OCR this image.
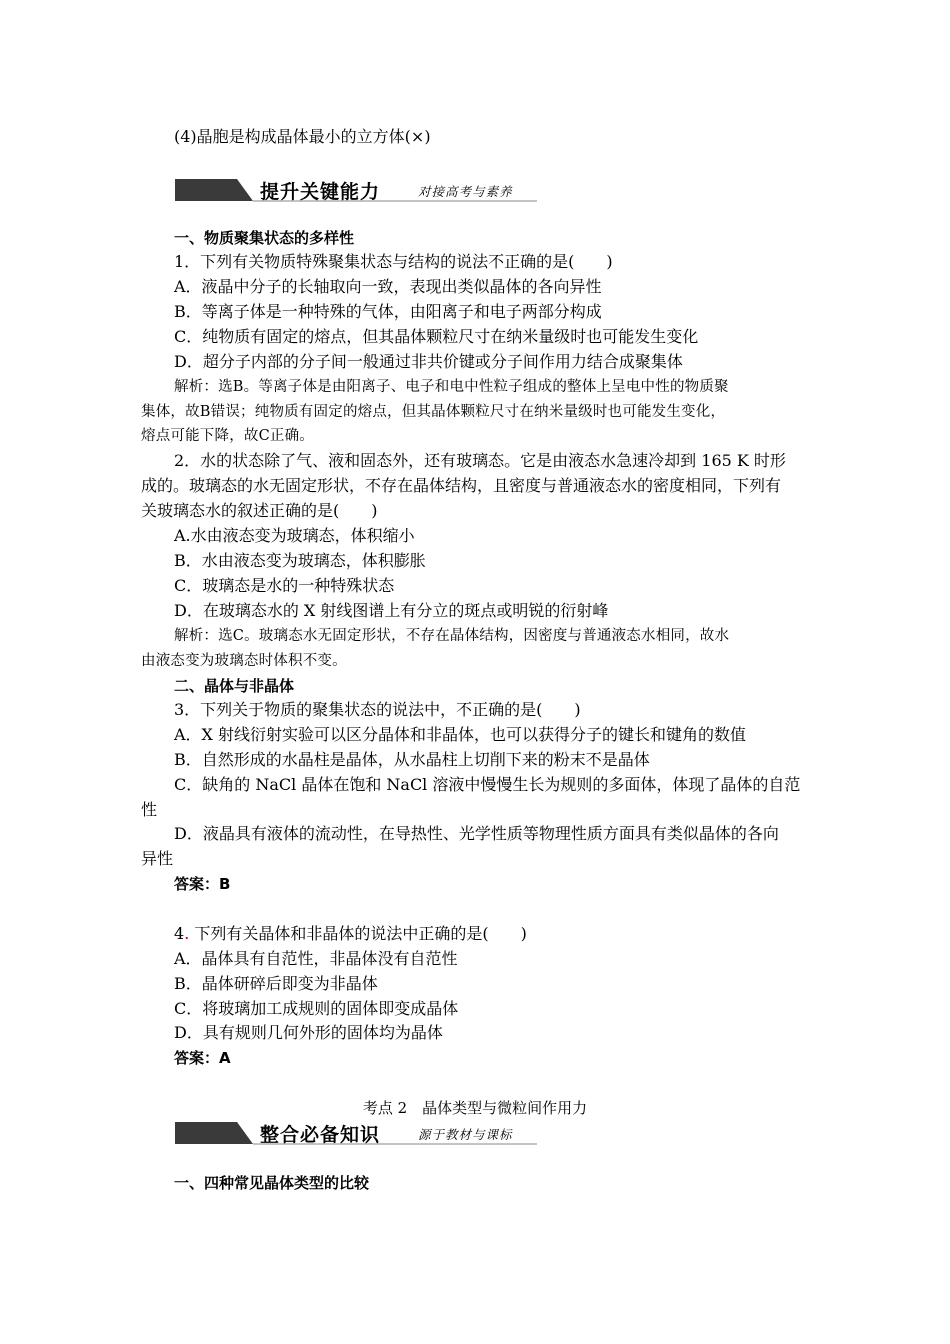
(4)晶胞是构成晶体最小的立方体(×)
提升关键能力	对接高考与素养
一、物质聚集状态的多样性
1．下列有关物质特殊聚集状态与结构的说法不正确的是(　　)
A．液晶中分子的长轴取向一致，表现出类似晶体的各向异性
B．等离子体是一种特殊的气体，由阳离子和电子两部分构成
C．纯物质有固定的熔点，但其晶体颗粒尺寸在纳米量级时也可能发生变化
D．超分子内部的分子间一般通过非共价键或分子间作用力结合成聚集体
解析：选B。等离子体是由阳离子、电子和电中性粒子组成的整体上呈电中性的物质聚
集体，故B错误；纯物质有固定的熔点，但其晶体颗粒尺寸在纳米量级时也可能发生变化，
熔点可能下降，故C正确。
2．水的状态除了气、液和固态外，还有玻璃态。它是由液态水急速冷却到 165 K 时形
成的。玻璃态的水无固定形状，不存在晶体结构，且密度与普通液态水的密度相同，下列有
关玻璃态水的叙述正确的是(　　)
A.水由液态变为玻璃态，体积缩小
B．水由液态变为玻璃态，体积膨胀
C．玻璃态是水的一种特殊状态
D．在玻璃态水的 X 射线图谱上有分立的斑点或明锐的衍射峰
解析：选C。玻璃态水无固定形状，不存在晶体结构，因密度与普通液态水相同，故水
由液态变为玻璃态时体积不变。
二、晶体与非晶体
3．下列关于物质的聚集状态的说法中，不正确的是(　　)
A．X 射线衍射实验可以区分晶体和非晶体，也可以获得分子的键长和键角的数值
B．自然形成的水晶柱是晶体，从水晶柱上切削下来的粉末不是晶体
C．缺角的 NaCl 晶体在饱和 NaCl 溶液中慢慢生长为规则的多面体，体现了晶体的自范
性
D．液晶具有液体的流动性，在导热性、光学性质等物理性质方面具有类似晶体的各向
异性
答案：B
4. 下列有关晶体和非晶体的说法中正确的是(　　)
A．晶体具有自范性，非晶体没有自范性
B．晶体研碎后即变为非晶体
C．将玻璃加工成规则的固体即变成晶体
D．具有规则几何外形的固体均为晶体
答案：A
考点 2　晶体类型与微粒间作用力
整合必备知识	源于教材与课标
一、四种常见晶体类型的比较
